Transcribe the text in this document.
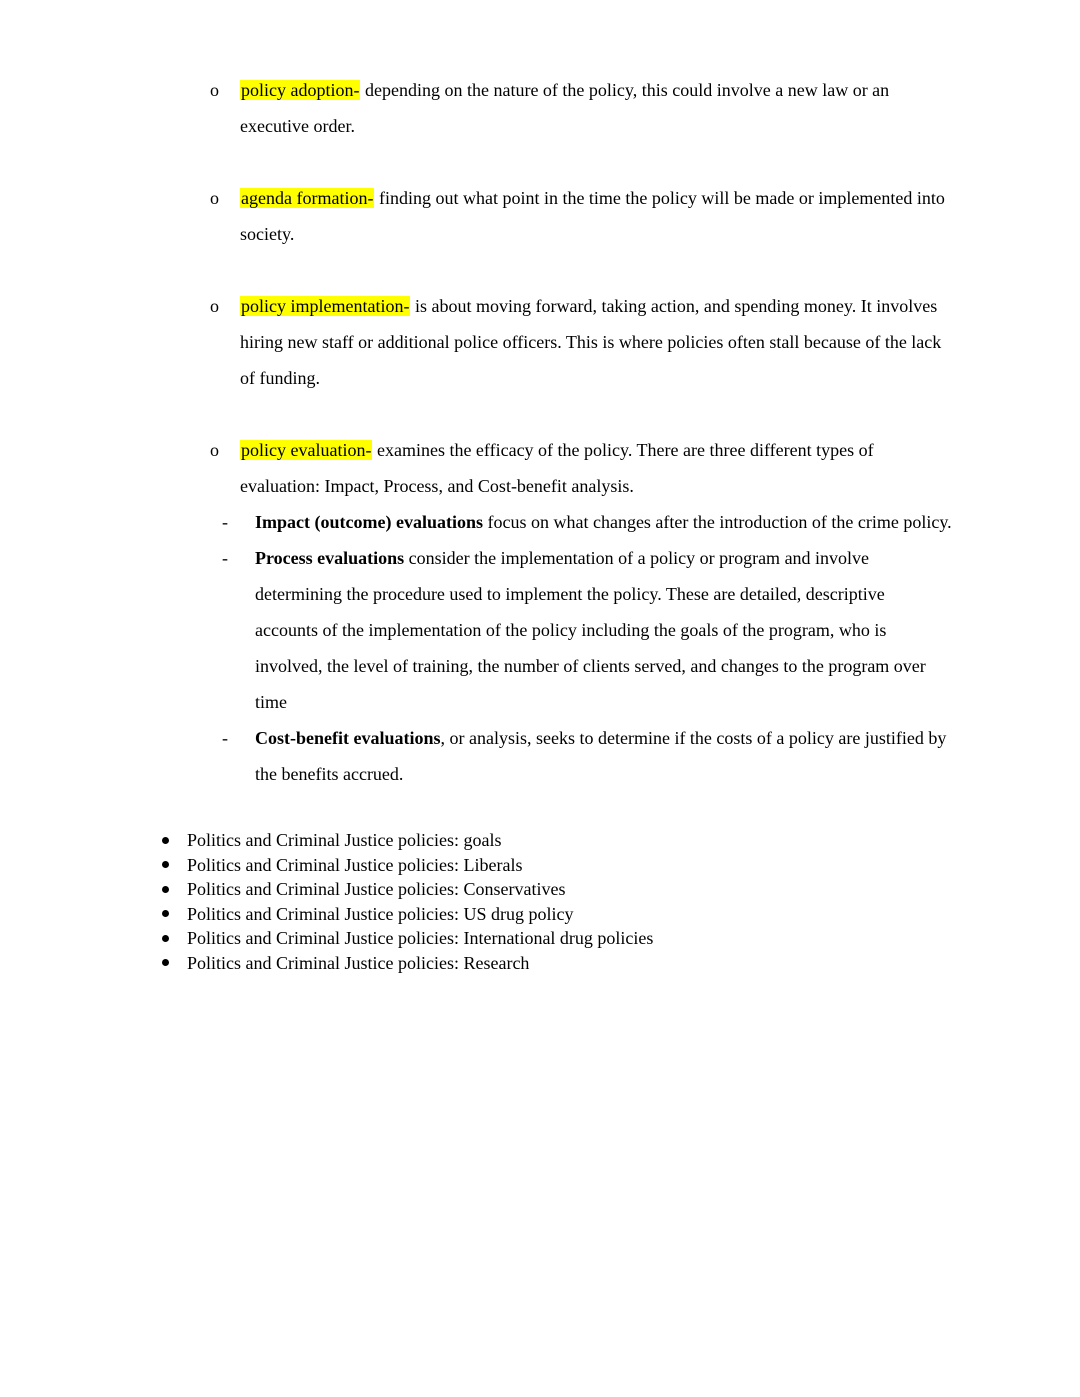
o	policy adoption- depending on the nature of the policy, this could involve a new law or an executive order.
o	agenda formation- finding out what point in the time the policy will be made or implemented into society.
o	policy implementation- is about moving forward, taking action, and spending money. It involves hiring new staff or additional police officers. This is where policies often stall because of the lack of funding.
o	policy evaluation- examines the efficacy of the policy. There are three different types of evaluation: Impact, Process, and Cost-benefit analysis.
-	Impact (outcome) evaluations focus on what changes after the introduction of the crime policy.
-	Process evaluations consider the implementation of a policy or program and involve determining the procedure used to implement the policy. These are detailed, descriptive accounts of the implementation of the policy including the goals of the program, who is involved, the level of training, the number of clients served, and changes to the program over time
-	Cost-benefit evaluations, or analysis, seeks to determine if the costs of a policy are justified by the benefits accrued.
Politics and Criminal Justice policies: goals
Politics and Criminal Justice policies: Liberals
Politics and Criminal Justice policies: Conservatives
Politics and Criminal Justice policies: US drug policy
Politics and Criminal Justice policies: International drug policies
Politics and Criminal Justice policies: Research
